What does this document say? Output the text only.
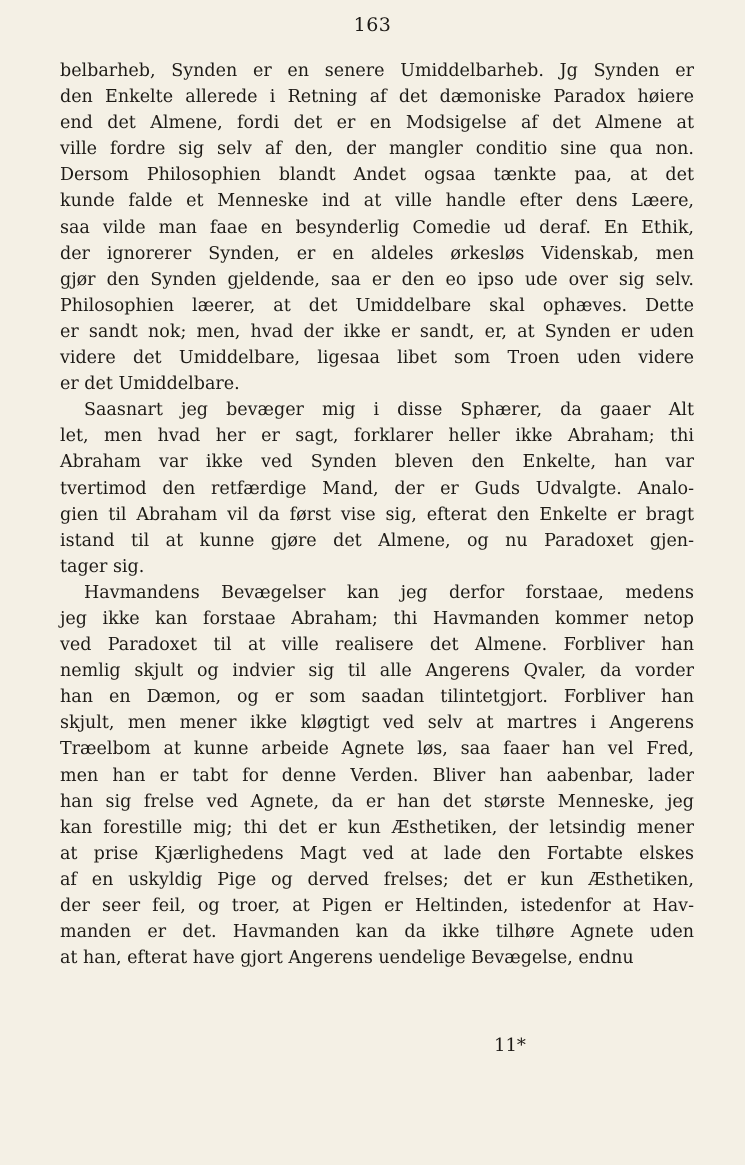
163
belbarheb, Synden er en senere Umiddelbarheb. Jg Synden er
den Enkelte allerede i Retning af det dæmoniske Paradox høiere
end det Almene, fordi det er en Modsigelse af det Almene at
ville fordre sig selv af den, der mangler conditio sine qua non.
Dersom Philosophien blandt Andet ogsaa tænkte paa, at det
kunde falde et Menneske ind at ville handle efter dens Læere,
saa vilde man faae en besynderlig Comedie ud deraf. En Ethik,
der ignorerer Synden, er en aldeles ørkesløs Videnskab, men
gjør den Synden gjeldende, saa er den eo ipso ude over sig selv.
Philosophien læerer, at det Umiddelbare skal ophæves. Dette
er sandt nok; men, hvad der ikke er sandt, er, at Synden er uden
videre det Umiddelbare, ligesaa libet som Troen uden videre
er det Umiddelbare.
Saasnart jeg bevæger mig i disse Sphærer, da gaaer Alt
let, men hvad her er sagt, forklarer heller ikke Abraham; thi
Abraham var ikke ved Synden bleven den Enkelte, han var
tvertimod den retfærdige Mand, der er Guds Udvalgte. Analo-
gien til Abraham vil da først vise sig, efterat den Enkelte er bragt
istand til at kunne gjøre det Almene, og nu Paradoxet gjen-
tager sig.
Havmandens Bevægelser kan jeg derfor forstaae, medens
jeg ikke kan forstaae Abraham; thi Havmanden kommer netop
ved Paradoxet til at ville realisere det Almene. Forbliver han
nemlig skjult og indvier sig til alle Angerens Qvaler, da vorder
han en Dæmon, og er som saadan tilintetgjort. Forbliver han
skjult, men mener ikke kløgtigt ved selv at martres i Angerens
Træelbom at kunne arbeide Agnete løs, saa faaer han vel Fred,
men han er tabt for denne Verden. Bliver han aabenbar, lader
han sig frelse ved Agnete, da er han det største Menneske, jeg
kan forestille mig; thi det er kun Æsthetiken, der letsindig mener
at prise Kjærlighedens Magt ved at lade den Fortabte elskes
af en uskyldig Pige og derved frelses; det er kun Æsthetiken,
der seer feil, og troer, at Pigen er Heltinden, istedenfor at Hav-
manden er det. Havmanden kan da ikke tilhøre Agnete uden
at han, efterat have gjort Angerens uendelige Bevægelse, endnu
11*
